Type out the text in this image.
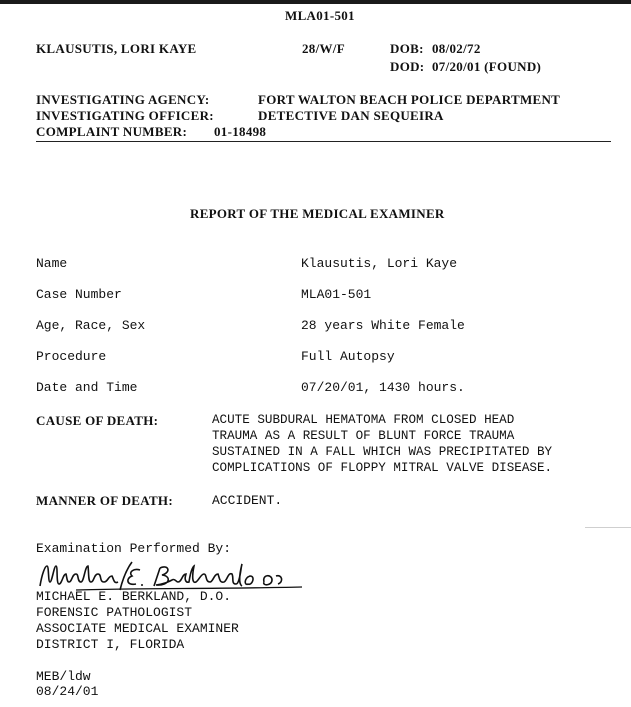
MLA01-501
KLAUSUTIS, LORI KAYE	28/W/F	DOB: 08/02/72
DOD: 07/20/01 (FOUND)
INVESTIGATING AGENCY:	FORT WALTON BEACH POLICE DEPARTMENT
INVESTIGATING OFFICER:	DETECTIVE DAN SEQUEIRA
COMPLAINT NUMBER: 01-18498
REPORT OF THE MEDICAL EXAMINER
Name	Klausutis, Lori Kaye
Case Number	MLA01-501
Age, Race, Sex	28 years White Female
Procedure	Full Autopsy
Date and Time	07/20/01, 1430 hours.
CAUSE OF DEATH:	ACUTE SUBDURAL HEMATOMA FROM CLOSED HEAD
TRAUMA AS A RESULT OF BLUNT FORCE TRAUMA
SUSTAINED IN A FALL WHICH WAS PRECIPITATED BY
COMPLICATIONS OF FLOPPY MITRAL VALVE DISEASE.
MANNER OF DEATH:	ACCIDENT.
Examination Performed By:
MICHAEL E. BERKLAND, D.O.
FORENSIC PATHOLOGIST
ASSOCIATE MEDICAL EXAMINER
DISTRICT I, FLORIDA
MEB/ldw
08/24/01
